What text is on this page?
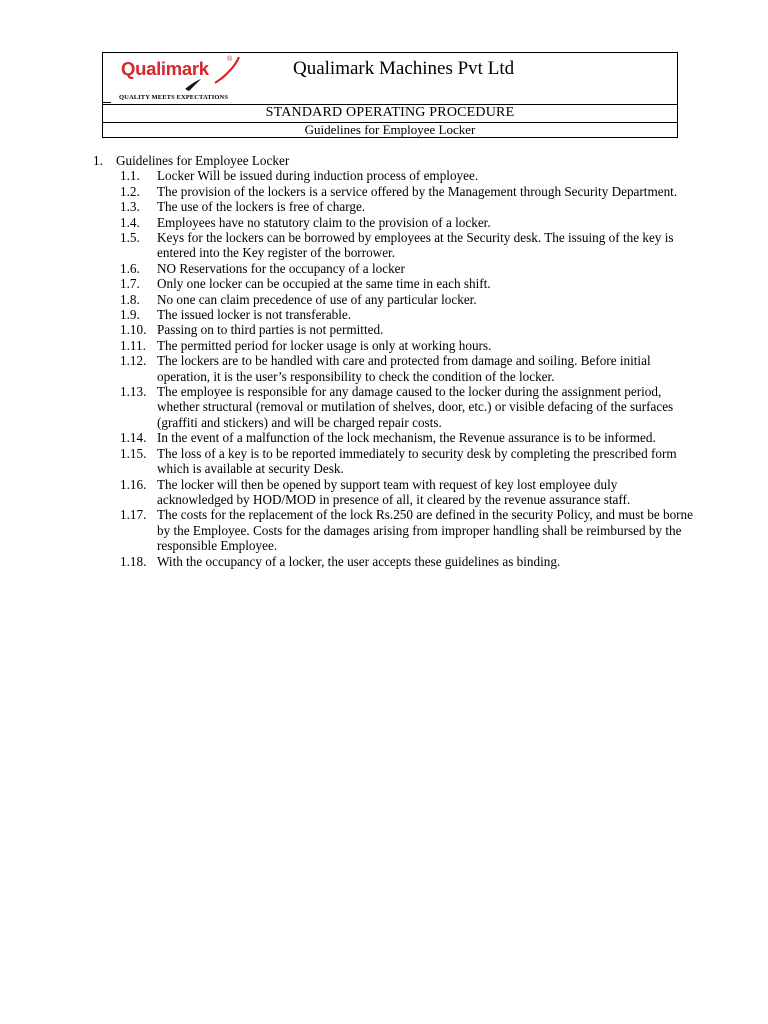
Qualimark	®
QUALITY MEETS EXPECTATIONS
Qualimark Machines Pvt Ltd
STANDARD OPERATING PROCEDURE
Guidelines for Employee Locker
1. Guidelines for Employee Locker
1.1. Locker Will be issued during induction process of employee.
1.2. The provision of the lockers is a service offered by the Management through Security Department.
1.3. The use of the lockers is free of charge.
1.4. Employees have no statutory claim to the provision of a locker.
1.5. Keys for the lockers can be borrowed by employees at the Security desk. The issuing of the key is entered into the Key register of the borrower.
1.6. NO Reservations for the occupancy of a locker
1.7. Only one locker can be occupied at the same time in each shift.
1.8. No one can claim precedence of use of any particular locker.
1.9. The issued locker is not transferable.
1.10. Passing on to third parties is not permitted.
1.11. The permitted period for locker usage is only at working hours.
1.12. The lockers are to be handled with care and protected from damage and soiling. Before initial operation, it is the user’s responsibility to check the condition of the locker.
1.13. The employee is responsible for any damage caused to the locker during the assignment period, whether structural (removal or mutilation of shelves, door, etc.) or visible defacing of the surfaces (graffiti and stickers) and will be charged repair costs.
1.14. In the event of a malfunction of the lock mechanism, the Revenue assurance is to be informed.
1.15. The loss of a key is to be reported immediately to security desk by completing the prescribed form which is available at security Desk.
1.16. The locker will then be opened by support team with request of key lost employee duly acknowledged by HOD/MOD in presence of all, it cleared by the revenue assurance staff.
1.17. The costs for the replacement of the lock Rs.250 are defined in the security Policy, and must be borne by the Employee. Costs for the damages arising from improper handling shall be reimbursed by the responsible Employee.
1.18. With the occupancy of a locker, the user accepts these guidelines as binding.
